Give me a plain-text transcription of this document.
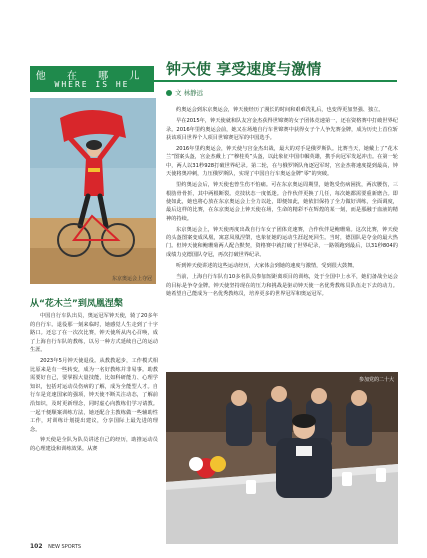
他 在 哪 儿
WHERE IS HE
钟天使 享受速度与激情
文 林静远
东京奥运会上夺冠
从“花木兰”到凤凰涅槃

中国自行车队出员，奥运冠军钟天使，骑了20多年的自行车。退役那一刻来临时，她感觉人生走到了十字路口。还忘了在一次次比赛，钟天使所从内心召唤，成了上海自行车队的教练，以另一种方式延续自己的运动生涯。

2023年5月钟天使退役。从教教起步，工作模式相比原来是有一些转变，成为一名好教练并非易事。助教需要好自己，要掌握大量技能，比如科研能力、心理学知识，包括对运动员伤病的了解，成为全能型人才。自行车是竞速国家的强项，钟天使不断关注动态，了解前沿知识，及时更新理念，同时虚心向教练们学习请教。一起干便顺案训练方法，她还配合主教练做一些辅助性工作，对训练计划提出建议，分享国际上最先进的理念。

钟天使是全队为队员讲述自己的经历，助推运动员的心理建设和训练效果。从赛

约奥运会到东京奥运会，钟天使经历了漫长的时间和艰难洗礼后，也变得更加坚强、独立。

早在2015年，钟天使就和队友宫金杰获得世锦赛的女子团体竞速第一，还在资格赛中打破世界纪录。2016年里约奥运会前，她又在场地自行车世锦赛中获得女子个人争先赛金牌，成为历史上首位斩获该项目世界个人项目世锦赛冠军的中国选手。

2016年里约奥运会，钟天使与宫金杰出战，最大的对手是俄罗斯队。比赛当天，她戴上了“花木兰”图案头盔，宫金杰戴上了“穆桂英”头盔，以此象征中国巾帼英雄，携手向冠军发起冲击。在第一轮中，两人以31秒928打破世界纪录。第二轮，在与俄罗斯队角逐冠军时，宫金杰将速度提到最高，钟天使将奥冲刺，力压俄罗斯队，实现了中国自行车奥运金牌“零”的突破。

里约奥运会后，钟天使也曾生伤不怕痛。可在东京奥运周期里，她饱受伤病困扰，两次腰伤，三根肋骨骨折，其中两根断裂。竞技状态一度低迷。合作伙伴更换了几任，每次她都需要重新磨合。即使如此，她也将心放在东京奥运会上全力以赴，即便如此，她依旧保持了全力做好训练，全面调度，最后这样的比赛，在东京奥运会上钟天使在场，生命的精彩不在辉煌的某一刻，而是那融于血液的精神的持续。

东京奥运会上，钟天使再度出战自行车女子团体竞速赛，合作伙伴是鲍珊菊。这次比赛，钟天使的头盔图案变成凤凰，寓意凤凰涅槃，也象征她的运动生涯起死回生。当时，德国队是夺金的最大热门。但钟天使和鲍珊菊两人配合默契，资格赛中就打破了世界纪录，一路领跑到最后，以31秒804的成绩力克德国队夺冠，再次打破世界纪录。

听到钟天使讲述的这些运动经历，大家体会到她的速度与激情，受到很大鼓舞。

当前，上海自行车队有10多名队员参加短距离项目的训练，处于全国中上水平，她们备战全运会的目标是争夺金牌。钟天使坚持现在的压力和挑战是驱动钟天使一名优秀教练员队伍走下去的动力。她希望自己能成为一名优秀教练员，培养更多的世界冠军和奥运冠军。

参加党的二十大
102 NEW SPORTS
